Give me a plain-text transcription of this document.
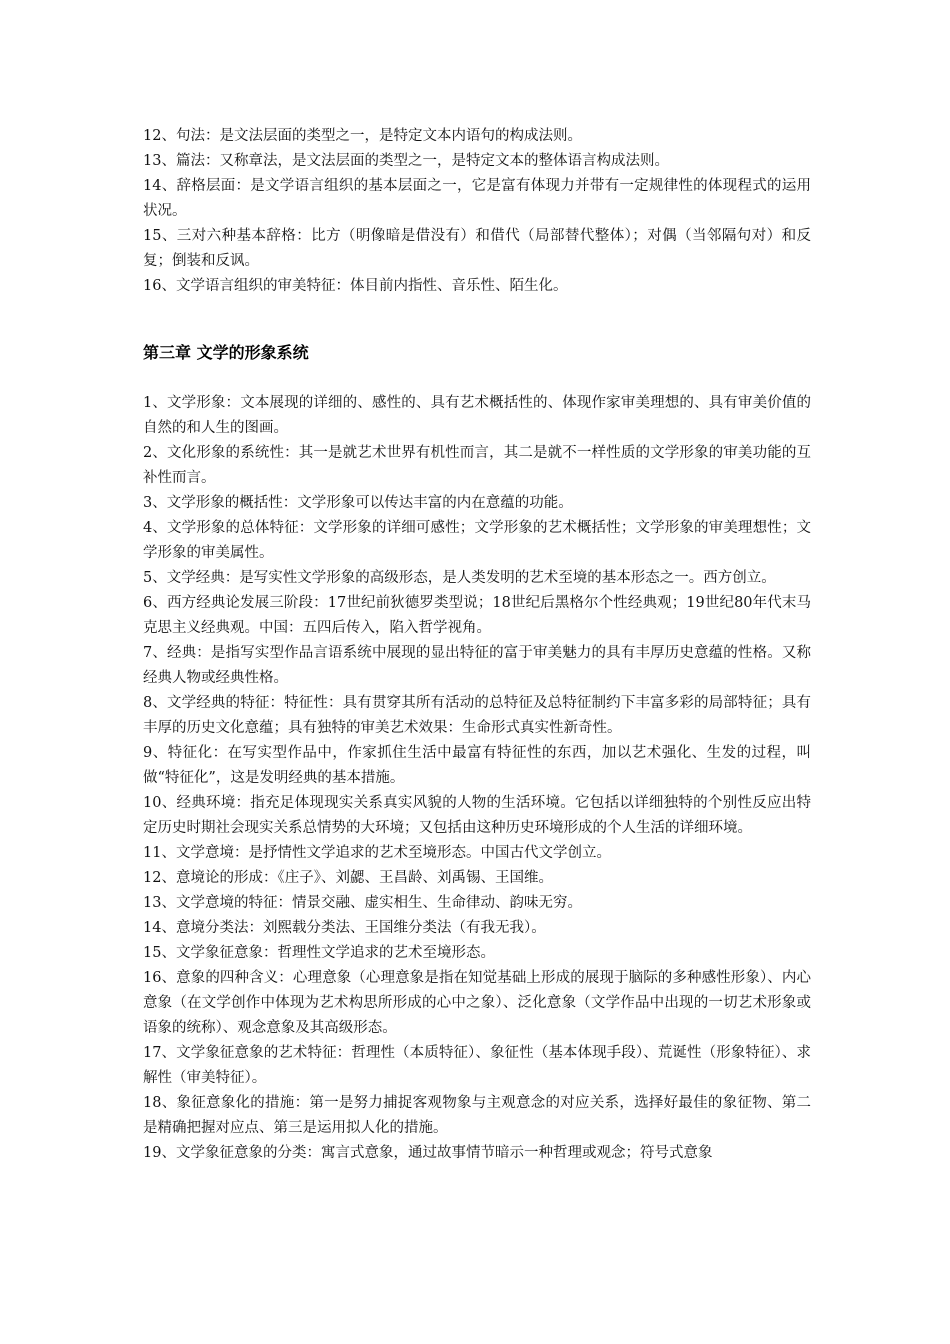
12、句法：是文法层面的类型之一，是特定文本内语句的构成法则。

13、篇法：又称章法，是文法层面的类型之一，是特定文本的整体语言构成法则。

14、辞格层面：是文学语言组织的基本层面之一，它是富有体现力并带有一定规律性的体现程式的运用状况。

15、三对六种基本辞格：比方（明像暗是借没有）和借代（局部替代整体）；对偶（当邻隔句对）和反复；倒装和反讽。

16、文学语言组织的审美特征：体目前内指性、音乐性、陌生化。

第三章 文学的形象系统

1、文学形象：文本展现的详细的、感性的、具有艺术概括性的、体现作家审美理想的、具有审美价值的自然的和人生的图画。

2、文化形象的系统性：其一是就艺术世界有机性而言，其二是就不一样性质的文学形象的审美功能的互补性而言。

3、文学形象的概括性：文学形象可以传达丰富的内在意蕴的功能。

4、文学形象的总体特征：文学形象的详细可感性；文学形象的艺术概括性；文学形象的审美理想性；文学形象的审美属性。

5、文学经典：是写实性文学形象的高级形态，是人类发明的艺术至境的基本形态之一。西方创立。

6、西方经典论发展三阶段：17世纪前狄德罗类型说；18世纪后黑格尔个性经典观；19世纪80年代末马克思主义经典观。中国：五四后传入，陷入哲学视角。

7、经典：是指写实型作品言语系统中展现的显出特征的富于审美魅力的具有丰厚历史意蕴的性格。又称经典人物或经典性格。

8、文学经典的特征：特征性：具有贯穿其所有活动的总特征及总特征制约下丰富多彩的局部特征；具有丰厚的历史文化意蕴；具有独特的审美艺术效果：生命形式真实性新奇性。

9、特征化：在写实型作品中，作家抓住生活中最富有特征性的东西，加以艺术强化、生发的过程，叫做“特征化”，这是发明经典的基本措施。

10、经典环境：指充足体现现实关系真实风貌的人物的生活环境。它包括以详细独特的个别性反应出特定历史时期社会现实关系总情势的大环境；又包括由这种历史环境形成的个人生活的详细环境。

11、文学意境：是抒情性文学追求的艺术至境形态。中国古代文学创立。

12、意境论的形成：《庄子》、刘勰、王昌龄、刘禹锡、王国维。

13、文学意境的特征：情景交融、虚实相生、生命律动、韵味无穷。

14、意境分类法：刘熙载分类法、王国维分类法（有我无我）。

15、文学象征意象：哲理性文学追求的艺术至境形态。

16、意象的四种含义：心理意象（心理意象是指在知觉基础上形成的展现于脑际的多种感性形象）、内心意象（在文学创作中体现为艺术构思所形成的心中之象）、泛化意象（文学作品中出现的一切艺术形象或语象的统称）、观念意象及其高级形态。

17、文学象征意象的艺术特征：哲理性（本质特征）、象征性（基本体现手段）、荒诞性（形象特征）、求解性（审美特征）。

18、象征意象化的措施：第一是努力捕捉客观物象与主观意念的对应关系，选择好最佳的象征物、第二是精确把握对应点、第三是运用拟人化的措施。

19、文学象征意象的分类：寓言式意象，通过故事情节暗示一种哲理或观念；符号式意象
